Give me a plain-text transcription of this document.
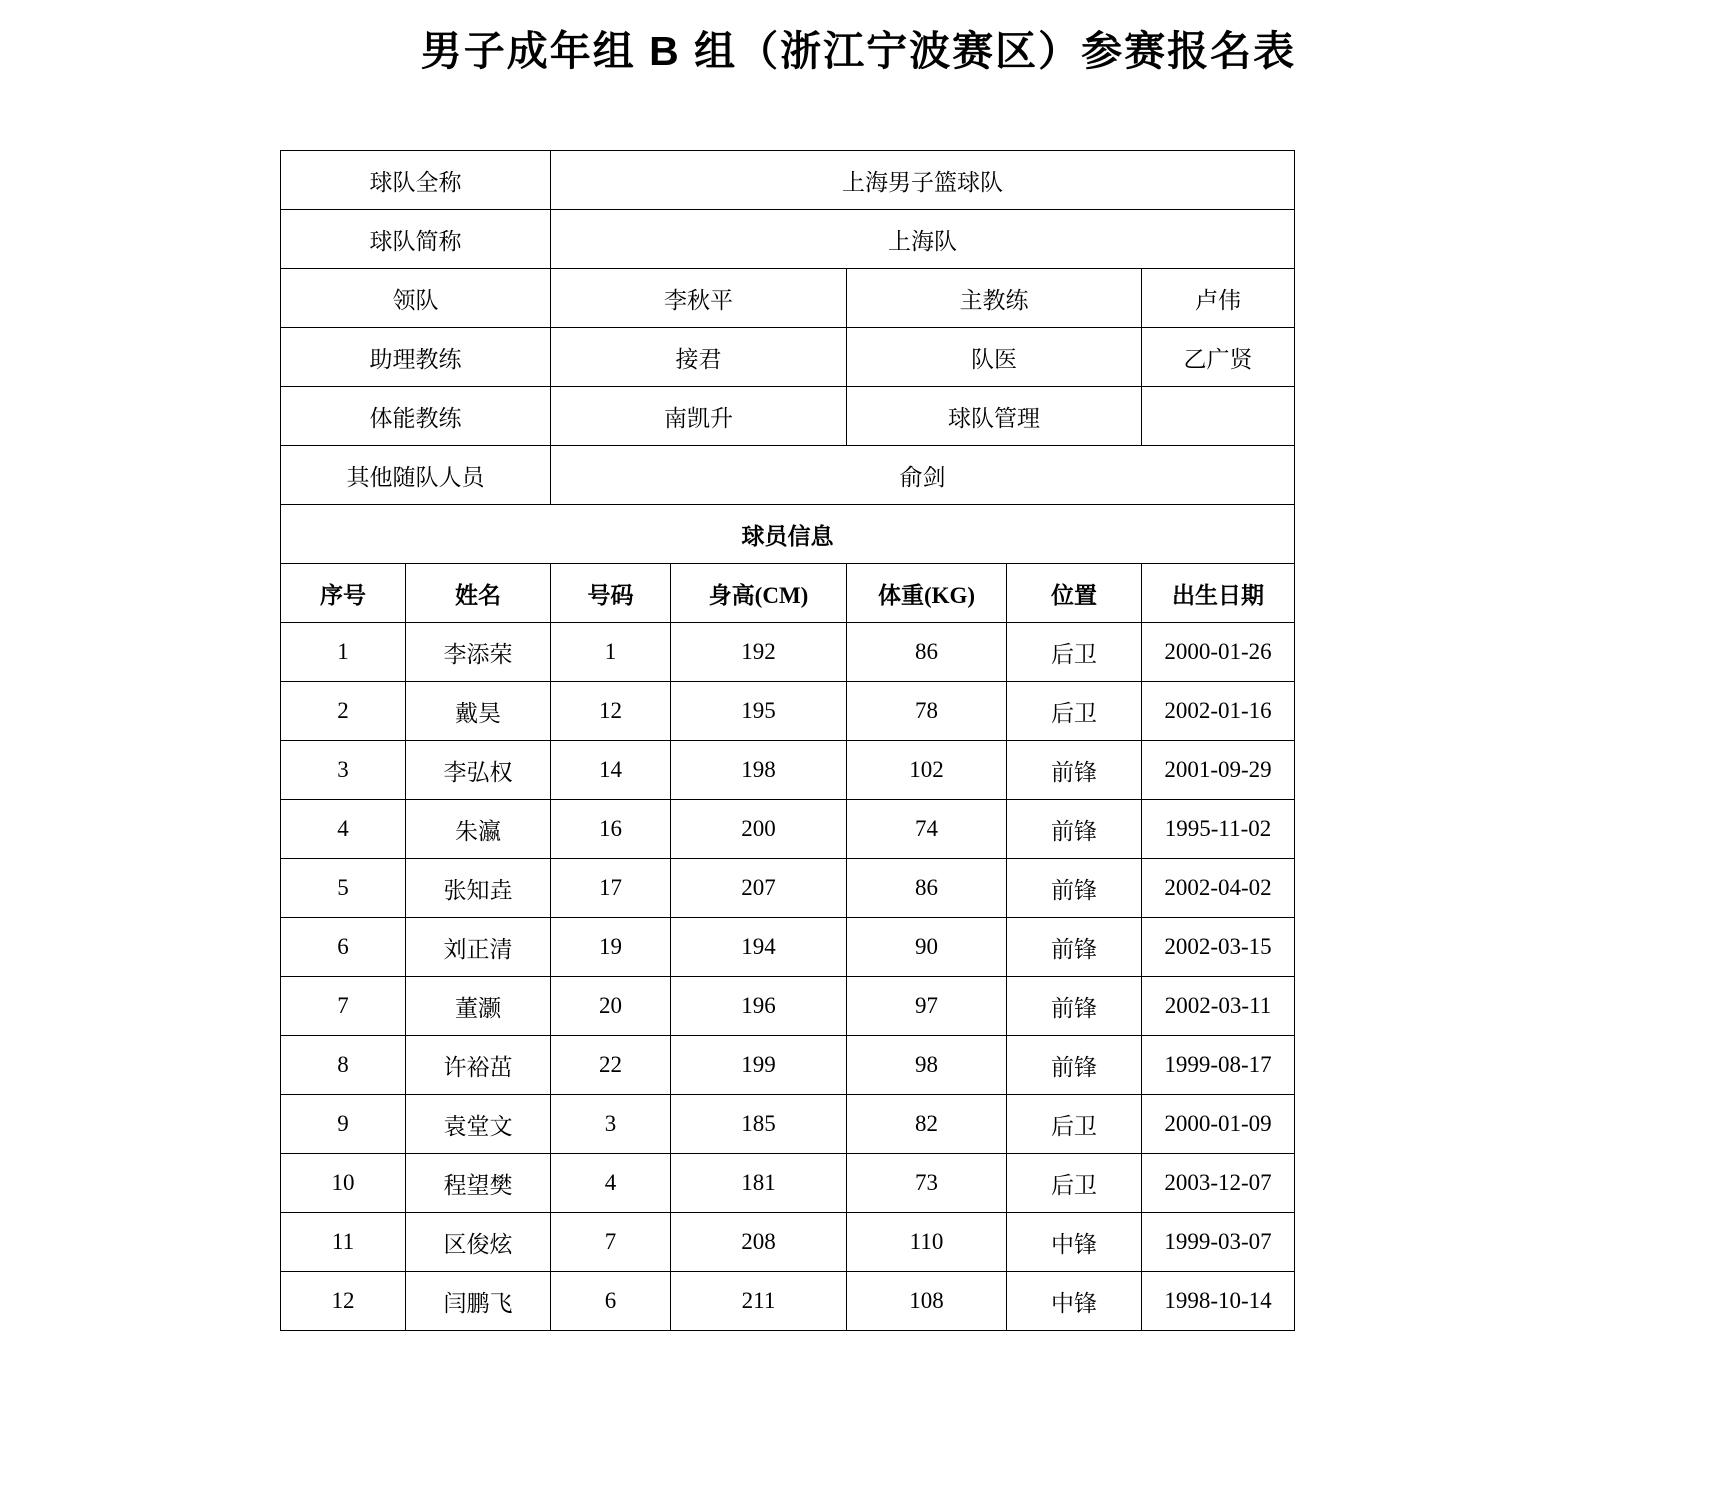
男子成年组 B 组（浙江宁波赛区）参赛报名表
球队全称		上海男子篮球队				
球队简称		上海队				
领队		李秋平		主教练		卢伟
助理教练		接君		队医		乙广贤
体能教练		南凯升		球队管理		
其他随队人员		俞剑				
球员信息						
序号	姓名	号码	身高(CM)	体重(KG)	位置	出生日期
1	李添荣	1	192	86	后卫	2000-01-26
2	戴昊	12	195	78	后卫	2002-01-16
3	李弘权	14	198	102	前锋	2001-09-29
4	朱瀛	16	200	74	前锋	1995-11-02
5	张知垚	17	207	86	前锋	2002-04-02
6	刘正清	19	194	90	前锋	2002-03-15
7	董灏	20	196	97	前锋	2002-03-11
8	许裕茁	22	199	98	前锋	1999-08-17
9	袁堂文	3	185	82	后卫	2000-01-09
10	程望樊	4	181	73	后卫	2003-12-07
11	区俊炫	7	208	110	中锋	1999-03-07
12	闫鹏飞	6	211	108	中锋	1998-10-14
